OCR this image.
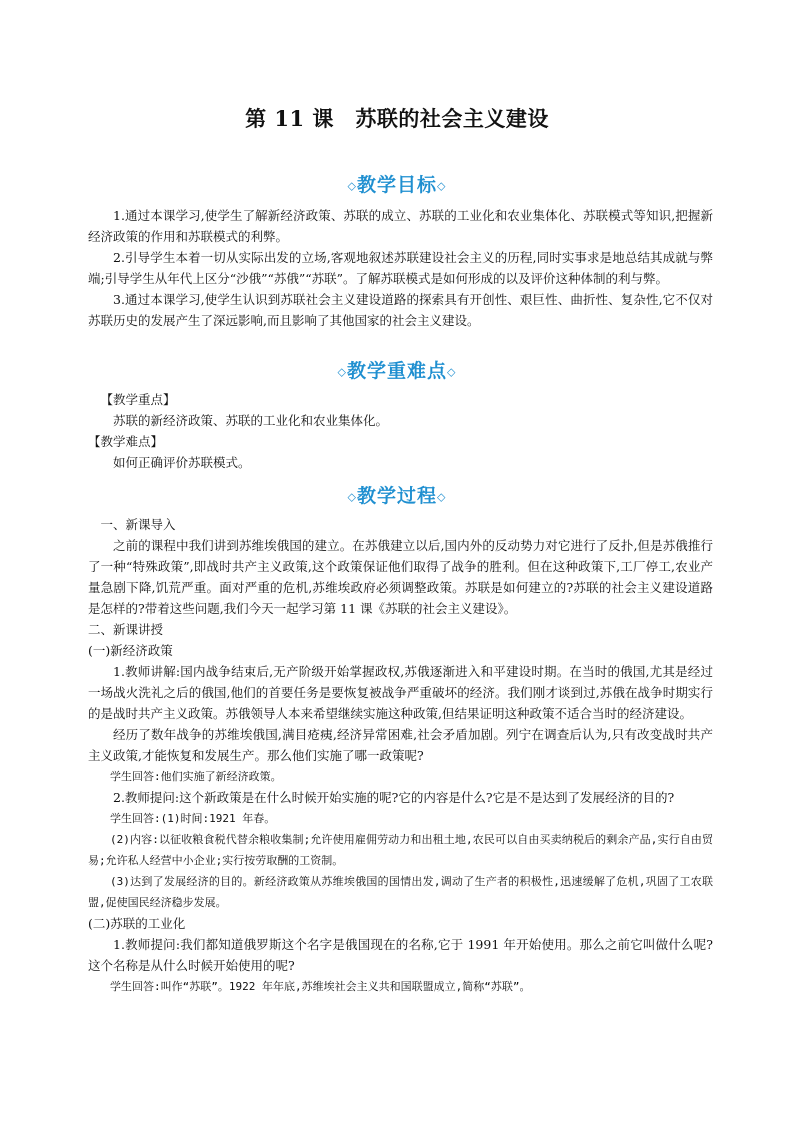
第 11 课　苏联的社会主义建设
◇教学目标◇

1.通过本课学习,使学生了解新经济政策、苏联的成立、苏联的工业化和农业集体化、苏联模式等知识,把握新经济政策的作用和苏联模式的利弊。

2.引导学生本着一切从实际出发的立场,客观地叙述苏联建设社会主义的历程,同时实事求是地总结其成就与弊端;引导学生从年代上区分“沙俄”“苏俄”“苏联”。了解苏联模式是如何形成的以及评价这种体制的利与弊。

3.通过本课学习,使学生认识到苏联社会主义建设道路的探索具有开创性、艰巨性、曲折性、复杂性,它不仅对苏联历史的发展产生了深远影响,而且影响了其他国家的社会主义建设。

◇教学重难点◇

【教学重点】

苏联的新经济政策、苏联的工业化和农业集体化。

【教学难点】

如何正确评价苏联模式。

◇教学过程◇

一、新课导入

之前的课程中我们讲到苏维埃俄国的建立。在苏俄建立以后,国内外的反动势力对它进行了反扑,但是苏俄推行了一种“特殊政策”,即战时共产主义政策,这个政策保证他们取得了战争的胜利。但在这种政策下,工厂停工,农业产量急剧下降,饥荒严重。面对严重的危机,苏维埃政府必须调整政策。苏联是如何建立的?苏联的社会主义建设道路是怎样的?带着这些问题,我们今天一起学习第 11 课《苏联的社会主义建设》。

二、新课讲授

(一)新经济政策

1.教师讲解:国内战争结束后,无产阶级开始掌握政权,苏俄逐渐进入和平建设时期。在当时的俄国,尤其是经过一场战火洗礼之后的俄国,他们的首要任务是要恢复被战争严重破坏的经济。我们刚才谈到过,苏俄在战争时期实行的是战时共产主义政策。苏俄领导人本来希望继续实施这种政策,但结果证明这种政策不适合当时的经济建设。

经历了数年战争的苏维埃俄国,满目疮痍,经济异常困难,社会矛盾加剧。列宁在调查后认为,只有改变战时共产主义政策,才能恢复和发展生产。那么他们实施了哪一政策呢?

学生回答:他们实施了新经济政策。

2.教师提问:这个新政策是在什么时候开始实施的呢?它的内容是什么?它是不是达到了发展经济的目的?

学生回答:(1)时间:1921 年春。

(2)内容:以征收粮食税代替余粮收集制;允许使用雇佣劳动力和出租土地,农民可以自由买卖纳税后的剩余产品,实行自由贸易;允许私人经营中小企业;实行按劳取酬的工资制。

(3)达到了发展经济的目的。新经济政策从苏维埃俄国的国情出发,调动了生产者的积极性,迅速缓解了危机,巩固了工农联盟,促使国民经济稳步发展。

(二)苏联的工业化

1.教师提问:我们都知道俄罗斯这个名字是俄国现在的名称,它于 1991 年开始使用。那么之前它叫做什么呢?这个名称是从什么时候开始使用的呢?

学生回答:叫作“苏联”。1922 年年底,苏维埃社会主义共和国联盟成立,简称“苏联”。
